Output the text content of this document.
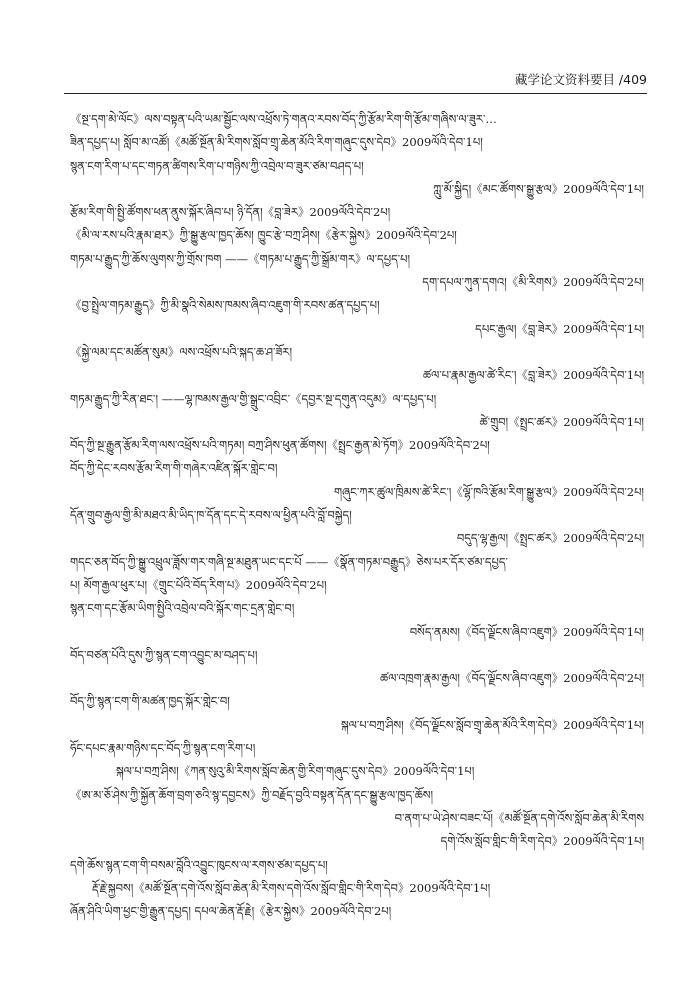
藏学论文资料要目 /409
《སྔ་དག་མེ་ལོང》ལས་བསྟན་པའི་ཡམ་སྦྱོང་ལས་འཕྲོས་ཏེ་གནའ་རབས་བོད་ཀྱི་རྩོམ་རིག་གི་རྩོམ་གཞིས་ལ་ཟུར་…
ཟིན་དཔྱད་པ། སློབ་མ་འཚོ།《མཚོ་སྔོན་མི་རིགས་སློབ་གྲྭ་ཆེན་མོའི་རིག་གཞུང་དུས་དེབ》2009ལོའི་དེབ་1པ།
སྙན་ངག་རིག་པ་དང་གཏན་ཚིགས་རིག་པ་གཉིས་ཀྱི་འབྲེལ་བ་ཟུར་ཙམ་བཤད་པ།
ཀླུ་མོ་སྐྱིད།《མང་ཚོགས་སྒྱུ་རྩལ》2009ལོའི་དེབ་1པ།
རྩོམ་རིག་གི་སྤྱི་ཚོགས་ཕན་ནུས་སྐོར་ཞིབ་པ། ཉི་དོན།《བླ་ཟེར》2009ལོའི་དེབ་2པ།
《མི་ལ་རས་པའི་རྣམ་ཐར》ཀྱི་སྒྱུ་རྩལ་ཁྱད་ཆོས། ཁྱུང་རྩེ་བཀྲ་ཤིས།《རྩེར་སྐྱེས》2009ལོའི་དེབ་2པ།
གཏམ་པ་རྒྱུད་ཀྱི་ཆོས་ལུགས་ཀྱི་གྲོས་ཁག ——《གཏམ་པ་རྒྱུད་ཀྱི་སྒྲོམ་གར》ལ་དཔྱད་པ།
དག་དཔལ་ཀུན་དགའ།《མི་རིགས》2009ལོའི་དེབ་2པ།
《བྱ་སྤྲེལ་གཏམ་རྒྱུད》ཀྱི་མི་སྣའི་སེམས་ཁམས་ཞིབ་འཇུག་གི་རབས་ཚན་དཔྱད་པ།
དཔང་རྒྱལ།《བླ་ཟེར》2009ལོའི་དེབ་1པ།
《སྐྱེ་ལམ་དང་མཚོན་སུམ》ལས་འཕྲོས་པའི་སྐད་ཆ་ཤ་ཟོར།
ཚལ་པ་རྣམ་རྒྱལ་ཚེ་རིང་།《བླ་ཟེར》2009ལོའི་དེབ་1པ།
གཏམ་རྒྱུད་ཀྱི་རིན་ཐང་། ——ལྷ་ཁམས་རྒྱལ་གྱི་སྒྲུང་འབྲིང་《དབྱར་སྔ་དགུན་འདུམ》ལ་དཔྱད་པ།
ཚེ་གྲུབ།《སྤྲང་ཚར》2009ལོའི་དེབ་1པ།
བོད་ཀྱི་སྔ་རྒྱུན་རྩོམ་རིག་ལས་འཕྲོས་པའི་གཏམ། བཀྲ་ཤིས་ཕུན་ཚོགས།《སྤྲང་རྒྱན་མེ་ཏོག》2009ལོའི་དེབ་2པ།
བོད་ཀྱི་དེང་རབས་རྩོམ་རིག་གི་གཞེར་འཛིན་སྐོར་གླེང་བ།
གཞུང་ཀར་ཚུལ་ཁྲིམས་ཚེ་རིང་།《ལྷོ་ཁའི་རྩོམ་རིག་སྒྱུ་རྩལ》2009ལོའི་དེབ་2པ།
དོན་གྲུབ་རྒྱལ་གྱི་མི་མཐའ་མི་ཡིད་ཁ་དོན་དང་དེ་རབས་ལ་ཕྱིན་པའི་བློ་བསྐྱེད།
བདུད་ལྷ་རྒྱལ།《སྤྲང་ཚར》2009ལོའི་དེབ་2པ།
གདང་ཅན་བོད་ཀྱི་སྒྱུ་འཕྲུལ་ཟློས་གར་གཞི་སྔ་མཐུན་ཡང་དང་པོ ——《སྣོན་གཏམ་བརྒྱུད》ཅེས་པར་དོར་ཙམ་དཔྱད་
པ། མོག་རྒྱལ་ཕུར་པ།《གྲུང་པོའི་བོད་རིག་པ》2009ལོའི་དེབ་2པ།
སྙན་ངག་དང་རྩོམ་ཡིག་སྤྱིའི་འབྲེལ་བའི་སྐོར་གང་དྲན་གླེང་བ།
བསོད་ནམས།《བོད་ལྗོངས་ཞིབ་འཇུག》2009ལོའི་དེབ་1པ།
བོད་བཙན་པོའི་དུས་ཀྱི་སྙན་ངག་འབྱུང་མ་བཤད་པ།
ཚལ་འཁྲག་རྣམ་རྒྱལ།《བོད་ལྗོངས་ཞིབ་འཇུག》2009ལོའི་དེབ་2པ།
བོད་ཀྱི་སྙན་ངག་གི་མཚན་ཁྱད་སྐོར་གླེང་བ།
སྐལ་པ་བཀྲ་ཤིས།《བོད་ལྗོངས་སློབ་གྲྭ་ཆེན་མོའི་རིག་དེབ》2009ལོའི་དེབ་1པ།
ཧོང་དཔང་རྣམ་གཉིས་དང་བོད་ཀྱི་སྙན་ངག་རིག་པ།
སྐལ་པ་བཀྲ་ཤིས།《ཀན་སུའུ་མི་རིགས་སློབ་ཆེན་གྱི་རིག་གཞུང་དུས་དེབ》2009ལོའི་དེབ་1པ།
《ཨ་མ་ཅོ་ཤེས་ཀྱི་སྐྱོན་ཆོག་བྲག་ཅའི་སྙ་དབྱངས》ཀྱི་བརྗོད་བྱའི་བསྟན་དོན་དང་སྒྱུ་རྩལ་ཁྱད་ཆོས།
བ་ནག་པ་ཡེ་ཤེས་བཟང་པོ།《མཚོ་སྔོན་དགེ་འོས་སློབ་ཆེན་མི་རིགས
དགེ་འོས་སློབ་གླིང་གི་རིག་དེབ》2009ལོའི་དེབ་1པ།
དགེ་ཆོས་སྙན་ངག་གི་བསམ་བློའི་འབྱུང་ཁུངས་ལ་རགས་ཙམ་དཔྱད་པ།
རྡོ་རྗེ་སྐྱབས།《མཚོ་སྔོན་དགེ་འོས་སློབ་ཆེན་མི་རིགས་དགེ་འོས་སློབ་གླིང་གི་རིག་དེབ》2009ལོའི་དེབ་1པ།
ཞོན་ཤིའི་ཡིག་ཕྱང་གྱི་རྒྱུན་དཔྱད། དཔལ་ཆེན་རྡོ་རྗེ།《རྩེར་སྐྱེས》2009ལོའི་དེབ་2པ།
